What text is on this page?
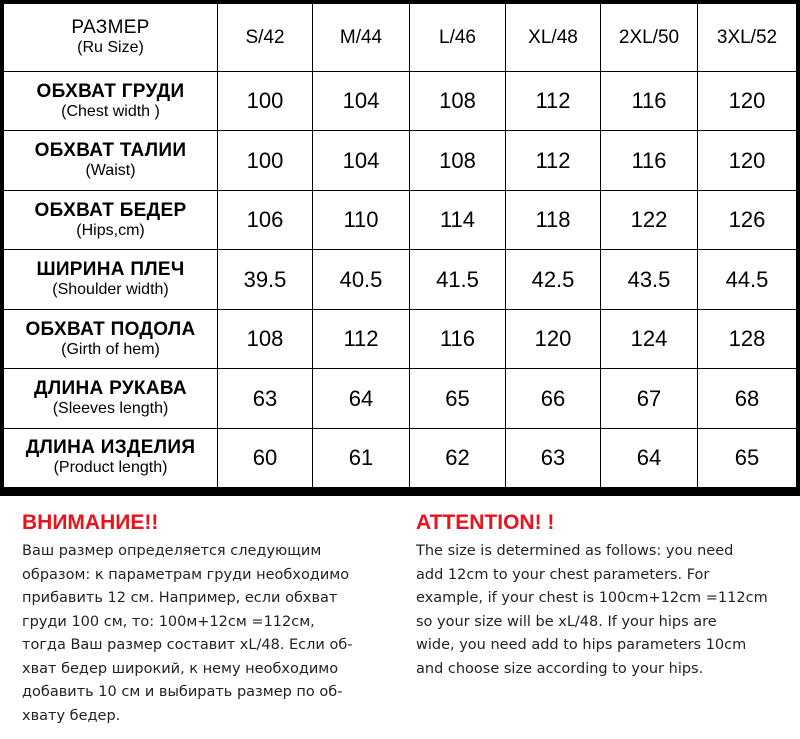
РАЗМЕР
(Ru Size)	S/42	M/44	L/46	XL/48	2XL/50	3XL/52

ОБХВАТ ГРУДИ
(Chest width )	100	104	108	112	116	120

ОБХВАТ ТАЛИИ
(Waist)	100	104	108	112	116	120

ОБХВАТ БЕДЕР
(Hips,cm)	106	110	114	118	122	126

ШИРИНА ПЛЕЧ
(Shoulder width)	39.5	40.5	41.5	42.5	43.5	44.5

ОБХВАТ ПОДОЛА
(Girth of hem)	108	112	116	120	124	128

ДЛИНА РУКАВА
(Sleeves length)	63	64	65	66	67	68

ДЛИНА ИЗДЕЛИЯ
(Product length)	60	61	62	63	64	65
ВНИМАНИЕ!!
Ваш размер определяется следующим
образом: к параметрам груди необходимо
прибавить 12 см. Например, если обхват
груди 100 см, то: 100м+12см =112см,
тогда Ваш размер составит xL/48. Если об-
хват бедер широкий, к нему необходимо
добавить 10 см и выбирать размер по об-
хвату бедер.
ATTENTION! !
The size is determined as follows: you need
add 12cm to your chest parameters. For
example, if your chest is 100cm+12cm =112cm
so your size will be xL/48. If your hips are
wide, you need add to hips parameters 10cm
and choose size according to your hips.
